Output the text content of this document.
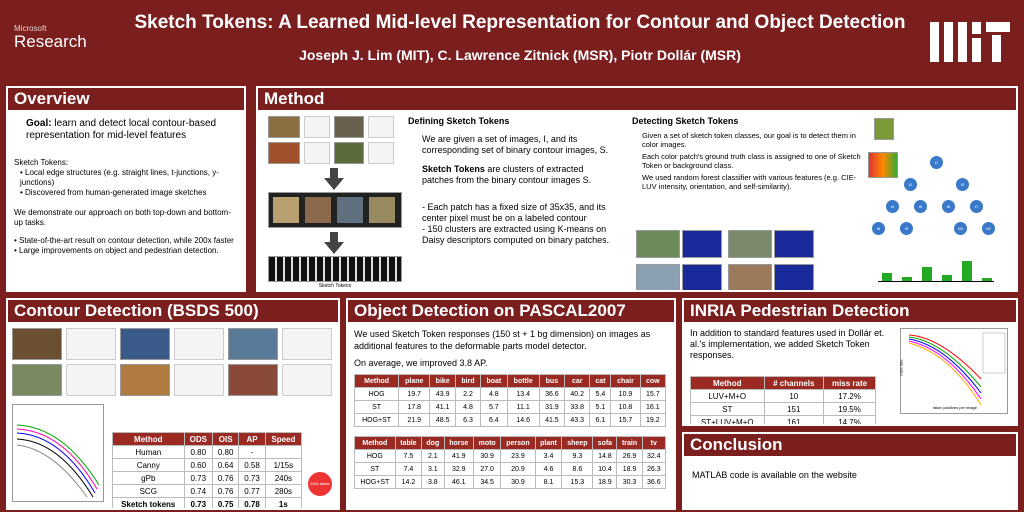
Microsoft
Research
Sketch Tokens: A Learned Mid-level Representation for Contour and Object Detection
Joseph J. Lim (MIT), C. Lawrence Zitnick (MSR), Piotr Dollár (MSR)
Overview
Goal: learn and detect local contour-based representation for mid-level features
Sketch Tokens:
• Local edge structures (e.g. straight lines, t-junctions, y-junctions)
• Discovered from human-generated image sketches
We demonstrate our approach on both top-down and bottom-up tasks.
• State-of-the-art result on contour detection, while 200x faster
• Large improvements on object and pedestrian detection.
Method
Sketch Tokens
Defining Sketch Tokens
We are given a set of images, I, and its corresponding set of binary contour images, S.
Sketch Tokens are clusters of extracted patches from the binary contour images S.
- Each patch has a fixed size of 35x35, and its center pixel must be on a labeled contour
- 150 clusters are extracted using K-means on Daisy descriptors computed on binary patches.
Detecting Sketch Tokens
Given a set of sketch token classes, our goal is to detect them in color images.
Each color patch's ground truth class is assigned to one of Sketch Token or background class.
We used random forest classifier with various features (e.g. CIE-LUV intensity, orientation, and self-similarity).
t1
t2	t3
t4	t5	t6	t7
t8	t9	t10	t11
Contour Detection (BSDS 500)
Method	ODS	OIS	AP	Speed
Human	0.80	0.80	-	
Canny	0.60	0.64	0.58	1/15s
gPb	0.73	0.76	0.73	240s
SCG	0.74	0.76	0.77	280s
Sketch tokens	0.73	0.75	0.78	1s
200x faster
Object Detection on PASCAL2007
We used Sketch Token responses (150 st + 1 bg dimension) on images as additional features to the deformable parts model detector.
On average, we improved 3.8 AP.
Method	plane	bike	bird	boat	bottle	bus	car	cat	chair	cow
HOG	19.7	43.9	2.2	4.8	13.4	36.6	40.2	5.4	10.9	15.7
ST	17.8	41.1	4.8	5.7	11.1	31.9	33.8	5.1	10.8	16.1
HOG+ST	21.9	48.5	6.3	6.4	14.6	41.5	43.3	6.1	15.7	19.2
Method	table	dog	horse	moto	person	plant	sheep	sofa	train	tv
HOG	7.5	2.1	41.9	30.9	23.9	3.4	9.3	14.8	26.9	32.4
ST	7.4	3.1	32.9	27.0	20.9	4.6	8.6	10.4	18.9	26.3
HOG+ST	14.2	3.8	46.1	34.5	30.9	8.1	15.3	18.9	30.3	36.6
INRIA Pedestrian Detection
In addition to standard features used in Dollár et. al.'s implementation, we added Sketch Token responses.
Method	# channels	miss rate
LUV+M+O	10	17.2%
ST	151	19.5%
ST+LUV+M+O	161	14.7%
false positives per image
miss rate
Conclusion
MATLAB code is available on the website
